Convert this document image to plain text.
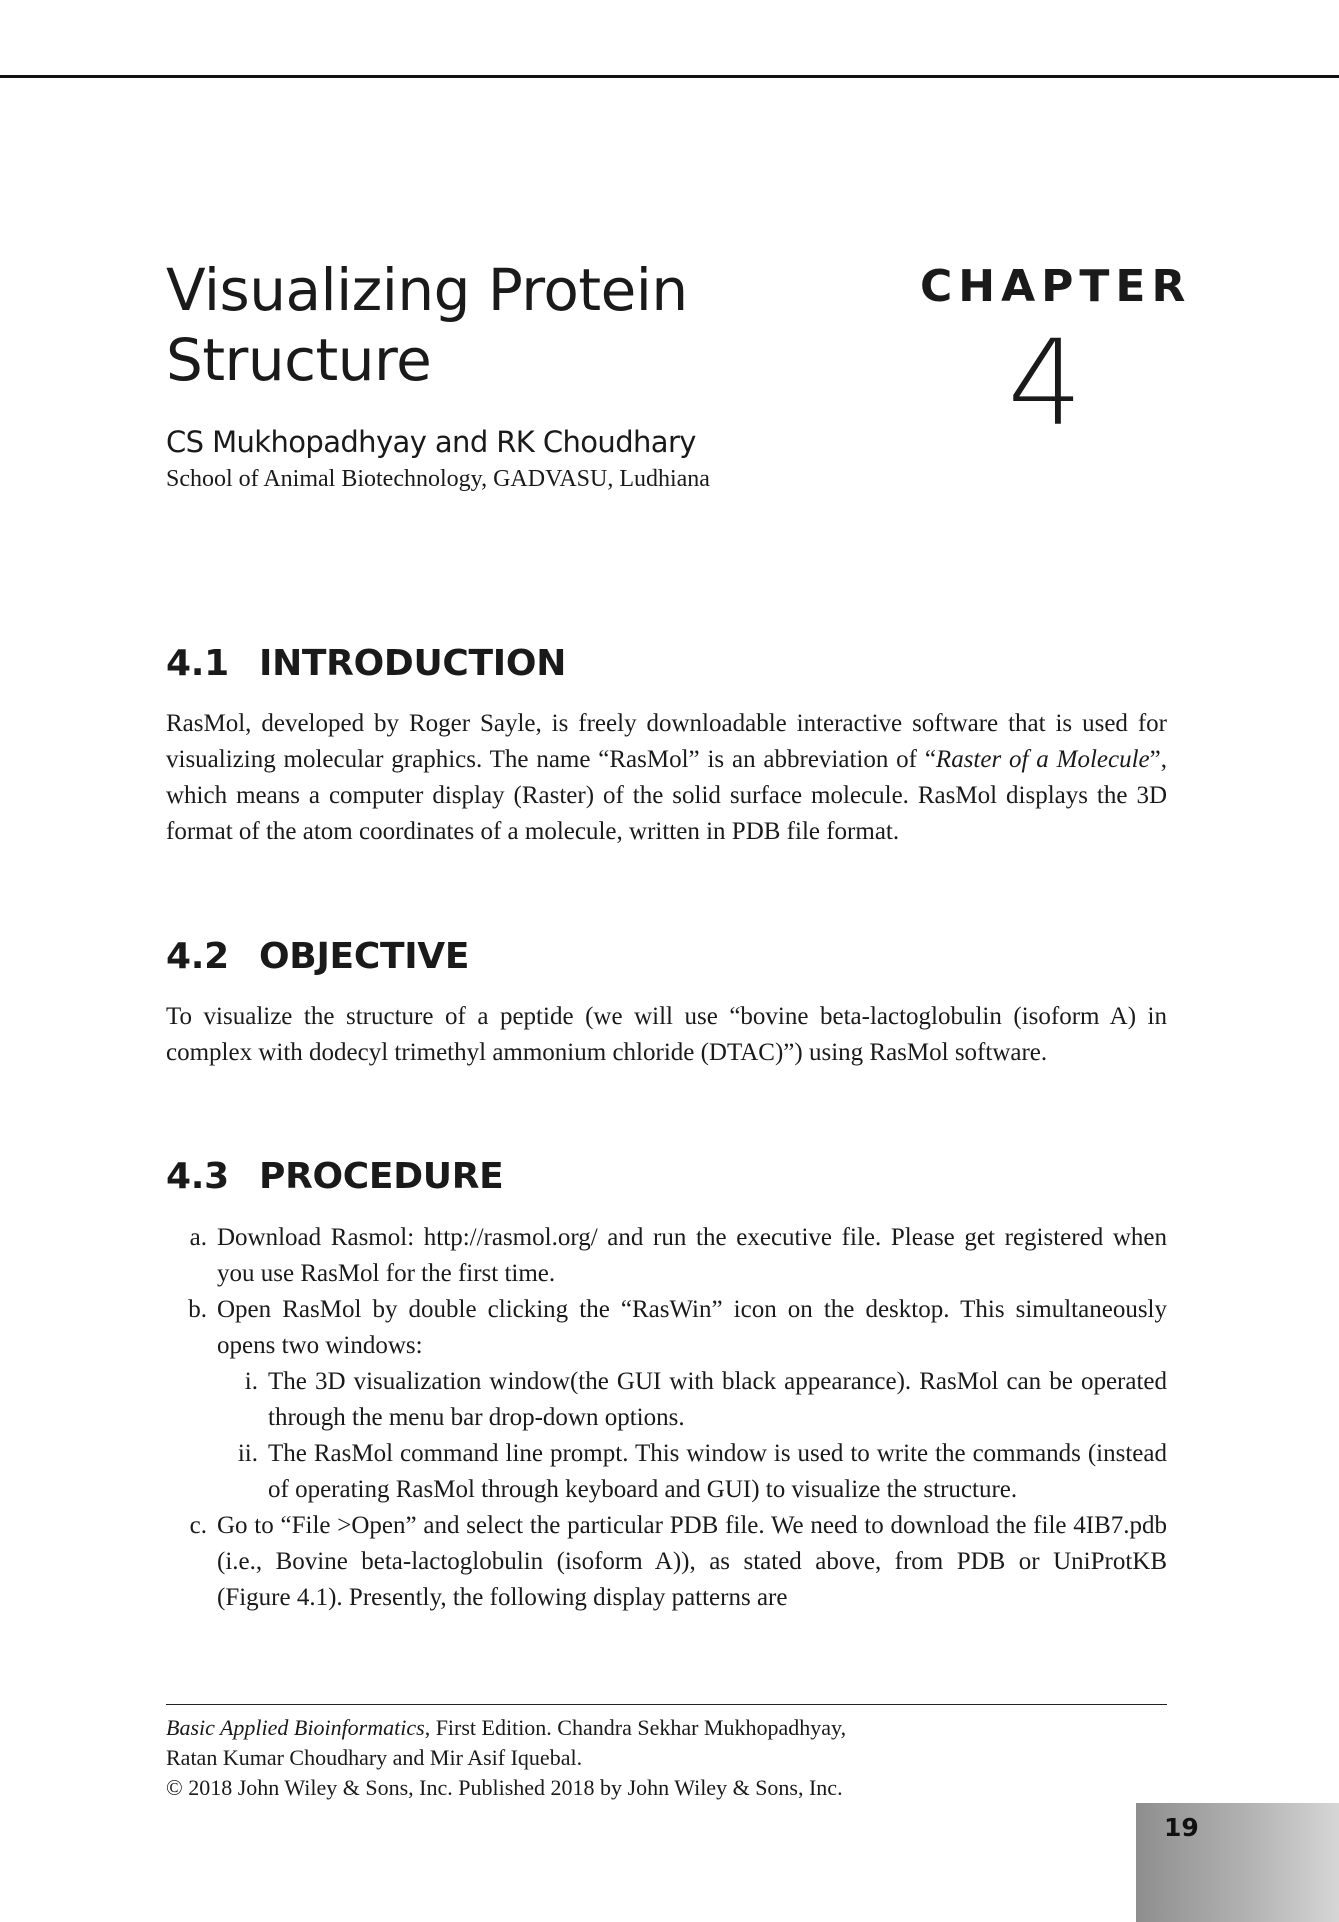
Visualizing Protein
Structure
CS Mukhopadhyay and RK Choudhary
School of Animal Biotechnology, GADVASU, Ludhiana
CHAPTER
4
4.1 INTRODUCTION

RasMol, developed by Roger Sayle, is freely downloadable interactive software that is used for visualizing molecular graphics. The name “RasMol” is an abbreviation of “Raster of a Molecule”, which means a computer display (Raster) of the solid surface molecule. RasMol displays the 3D format of the atom coordinates of a molecule, written in PDB file format.

4.2 OBJECTIVE

To visualize the structure of a peptide (we will use “bovine beta-lactoglobulin (isoform A) in complex with dodecyl trimethyl ammonium chloride (DTAC)”) using RasMol software.

4.3 PROCEDURE
a. Download Rasmol: http://rasmol.org/ and run the executive file. Please get registered when you use RasMol for the first time.
b. Open RasMol by double clicking the “RasWin” icon on the desktop. This simultaneously opens two windows:
i. The 3D visualization window(the GUI with black appearance). RasMol can be operated through the menu bar drop-down options.
ii. The RasMol command line prompt. This window is used to write the commands (instead of operating RasMol through keyboard and GUI) to visualize the structure.
c. Go to “File >Open” and select the particular PDB file. We need to download the file 4IB7.pdb (i.e., Bovine beta-lactoglobulin (isoform A)), as stated above, from PDB or UniProtKB (Figure 4.1). Presently, the following display patterns are
Basic Applied Bioinformatics, First Edition. Chandra Sekhar Mukhopadhyay,
Ratan Kumar Choudhary and Mir Asif Iquebal.
© 2018 John Wiley & Sons, Inc. Published 2018 by John Wiley & Sons, Inc.
19
